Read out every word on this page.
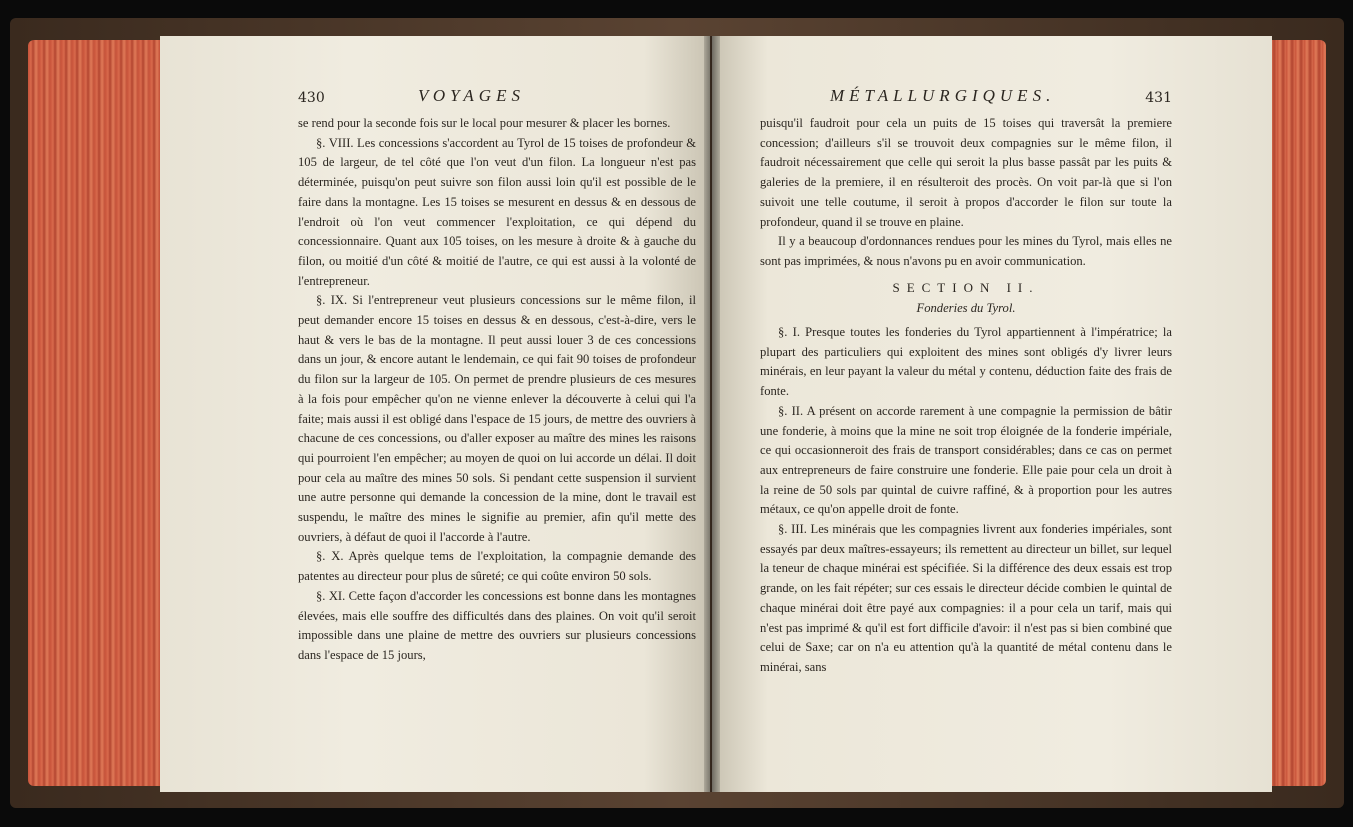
430	VOYAGES

se rend pour la seconde fois sur le local pour mesurer & placer les bornes.

§. VIII. Les concessions s'accordent au Tyrol de 15 toises de profondeur & 105 de largeur, de tel côté que l'on veut d'un filon. La longueur n'est pas déterminée, puisqu'on peut suivre son filon aussi loin qu'il est possible de le faire dans la montagne. Les 15 toises se mesurent en dessus & en dessous de l'endroit où l'on veut commencer l'exploitation, ce qui dépend du concessionnaire. Quant aux 105 toises, on les mesure à droite & à gauche du filon, ou moitié d'un côté & moitié de l'autre, ce qui est aussi à la volonté de l'entrepreneur.

§. IX. Si l'entrepreneur veut plusieurs concessions sur le même filon, il peut demander encore 15 toises en dessus & en dessous, c'est-à-dire, vers le haut & vers le bas de la montagne. Il peut aussi louer 3 de ces concessions dans un jour, & encore autant le lendemain, ce qui fait 90 toises de profondeur du filon sur la largeur de 105. On permet de prendre plusieurs de ces mesures à la fois pour empêcher qu'on ne vienne enlever la découverte à celui qui l'a faite; mais aussi il est obligé dans l'espace de 15 jours, de mettre des ouvriers à chacune de ces concessions, ou d'aller exposer au maître des mines les raisons qui pourroient l'en empêcher; au moyen de quoi on lui accorde un délai. Il doit pour cela au maître des mines 50 sols. Si pendant cette suspension il survient une autre personne qui demande la concession de la mine, dont le travail est suspendu, le maître des mines le signifie au premier, afin qu'il mette des ouvriers, à défaut de quoi il l'accorde à l'autre.

§. X. Après quelque tems de l'exploitation, la compagnie demande des patentes au directeur pour plus de sûreté; ce qui coûte environ 50 sols.

§. XI. Cette façon d'accorder les concessions est bonne dans les montagnes élevées, mais elle souffre des difficultés dans des plaines. On voit qu'il seroit impossible dans une plaine de mettre des ouvriers sur plusieurs concessions dans l'espace de 15 jours,

MÉTALLURGIQUES.	431

puisqu'il faudroit pour cela un puits de 15 toises qui traversât la premiere concession; d'ailleurs s'il se trouvoit deux compagnies sur le même filon, il faudroit nécessairement que celle qui seroit la plus basse passât par les puits & galeries de la premiere, il en résulteroit des procès. On voit par-là que si l'on suivoit une telle coutume, il seroit à propos d'accorder le filon sur toute la profondeur, quand il se trouve en plaine.

Il y a beaucoup d'ordonnances rendues pour les mines du Tyrol, mais elles ne sont pas imprimées, & nous n'avons pu en avoir communication.

SECTION II.
Fonderies du Tyrol.

§. I. Presque toutes les fonderies du Tyrol appartiennent à l'impératrice; la plupart des particuliers qui exploitent des mines sont obligés d'y livrer leurs minérais, en leur payant la valeur du métal y contenu, déduction faite des frais de fonte.

§. II. A présent on accorde rarement à une compagnie la permission de bâtir une fonderie, à moins que la mine ne soit trop éloignée de la fonderie impériale, ce qui occasionneroit des frais de transport considérables; dans ce cas on permet aux entrepreneurs de faire construire une fonderie. Elle paie pour cela un droit à la reine de 50 sols par quintal de cuivre raffiné, & à proportion pour les autres métaux, ce qu'on appelle droit de fonte.

§. III. Les minérais que les compagnies livrent aux fonderies impériales, sont essayés par deux maîtres-essayeurs; ils remettent au directeur un billet, sur lequel la teneur de chaque minérai est spécifiée. Si la différence des deux essais est trop grande, on les fait répéter; sur ces essais le directeur décide combien le quintal de chaque minérai doit être payé aux compagnies: il a pour cela un tarif, mais qui n'est pas imprimé & qu'il est fort difficile d'avoir: il n'est pas si bien combiné que celui de Saxe; car on n'a eu attention qu'à la quantité de métal contenu dans le minérai, sans
